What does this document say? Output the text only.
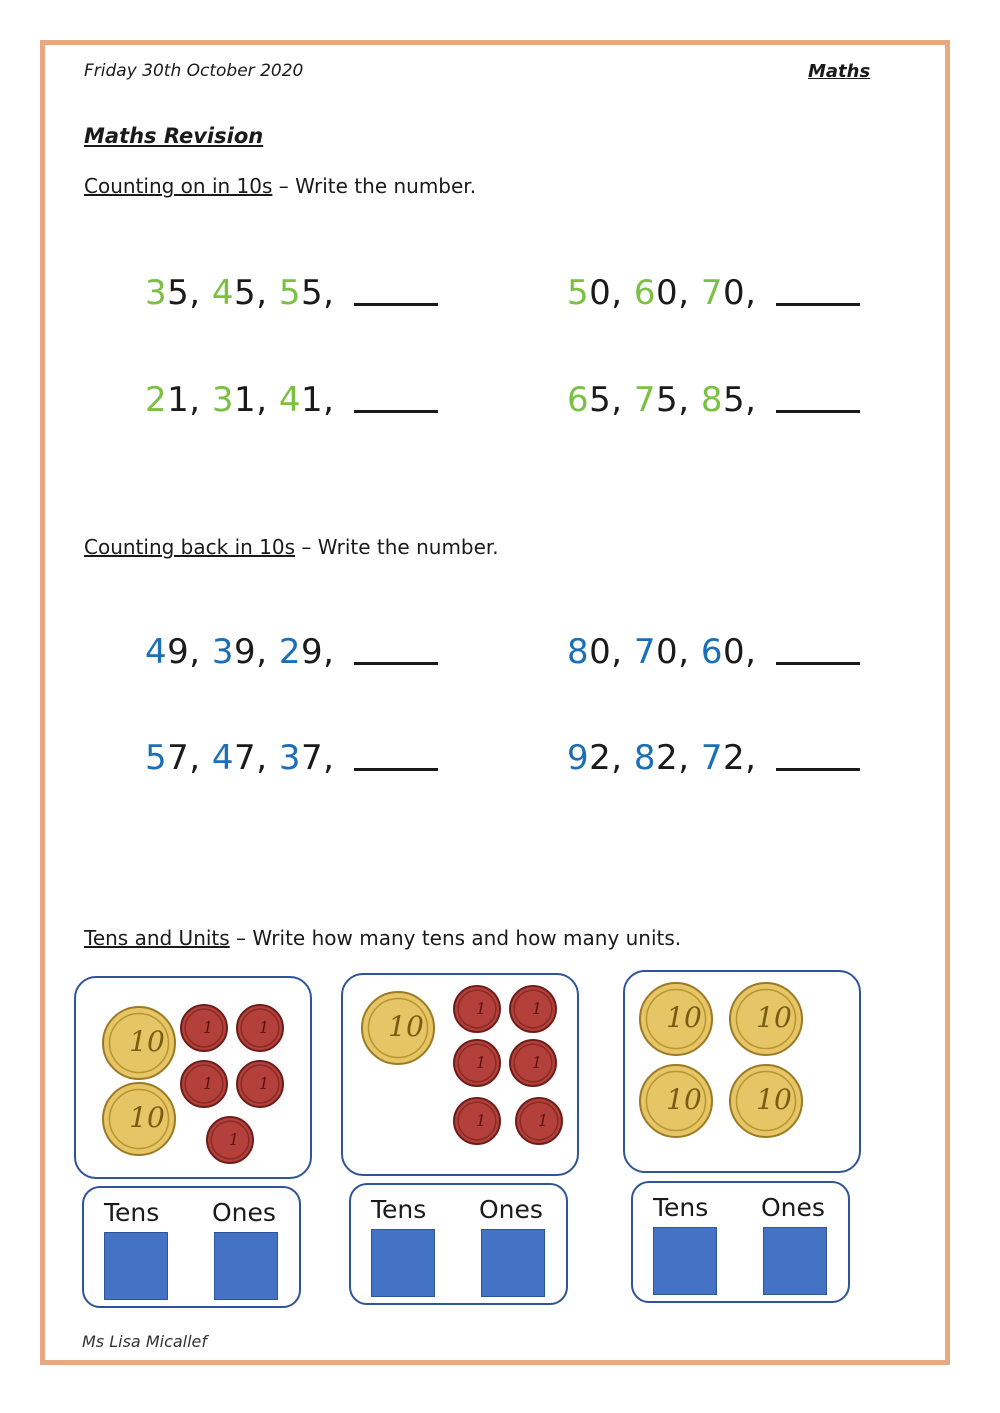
Friday 30th October 2020	Maths
Maths Revision
Counting on in 10s – Write the number.
35, 45, 55,	50, 60, 70,
21, 31, 41,	65, 75, 85,
Counting back in 10s – Write the number.
49, 39, 29,	80, 70, 60,
57, 47, 37,	92, 82, 72,
Tens and Units – Write how many tens and how many units.
10
10
1	1
1	1
1
10
1	1
1	1
1	1
10 10
10 10
Tens Ones	Tens Ones	Tens Ones
Ms Lisa Micallef
